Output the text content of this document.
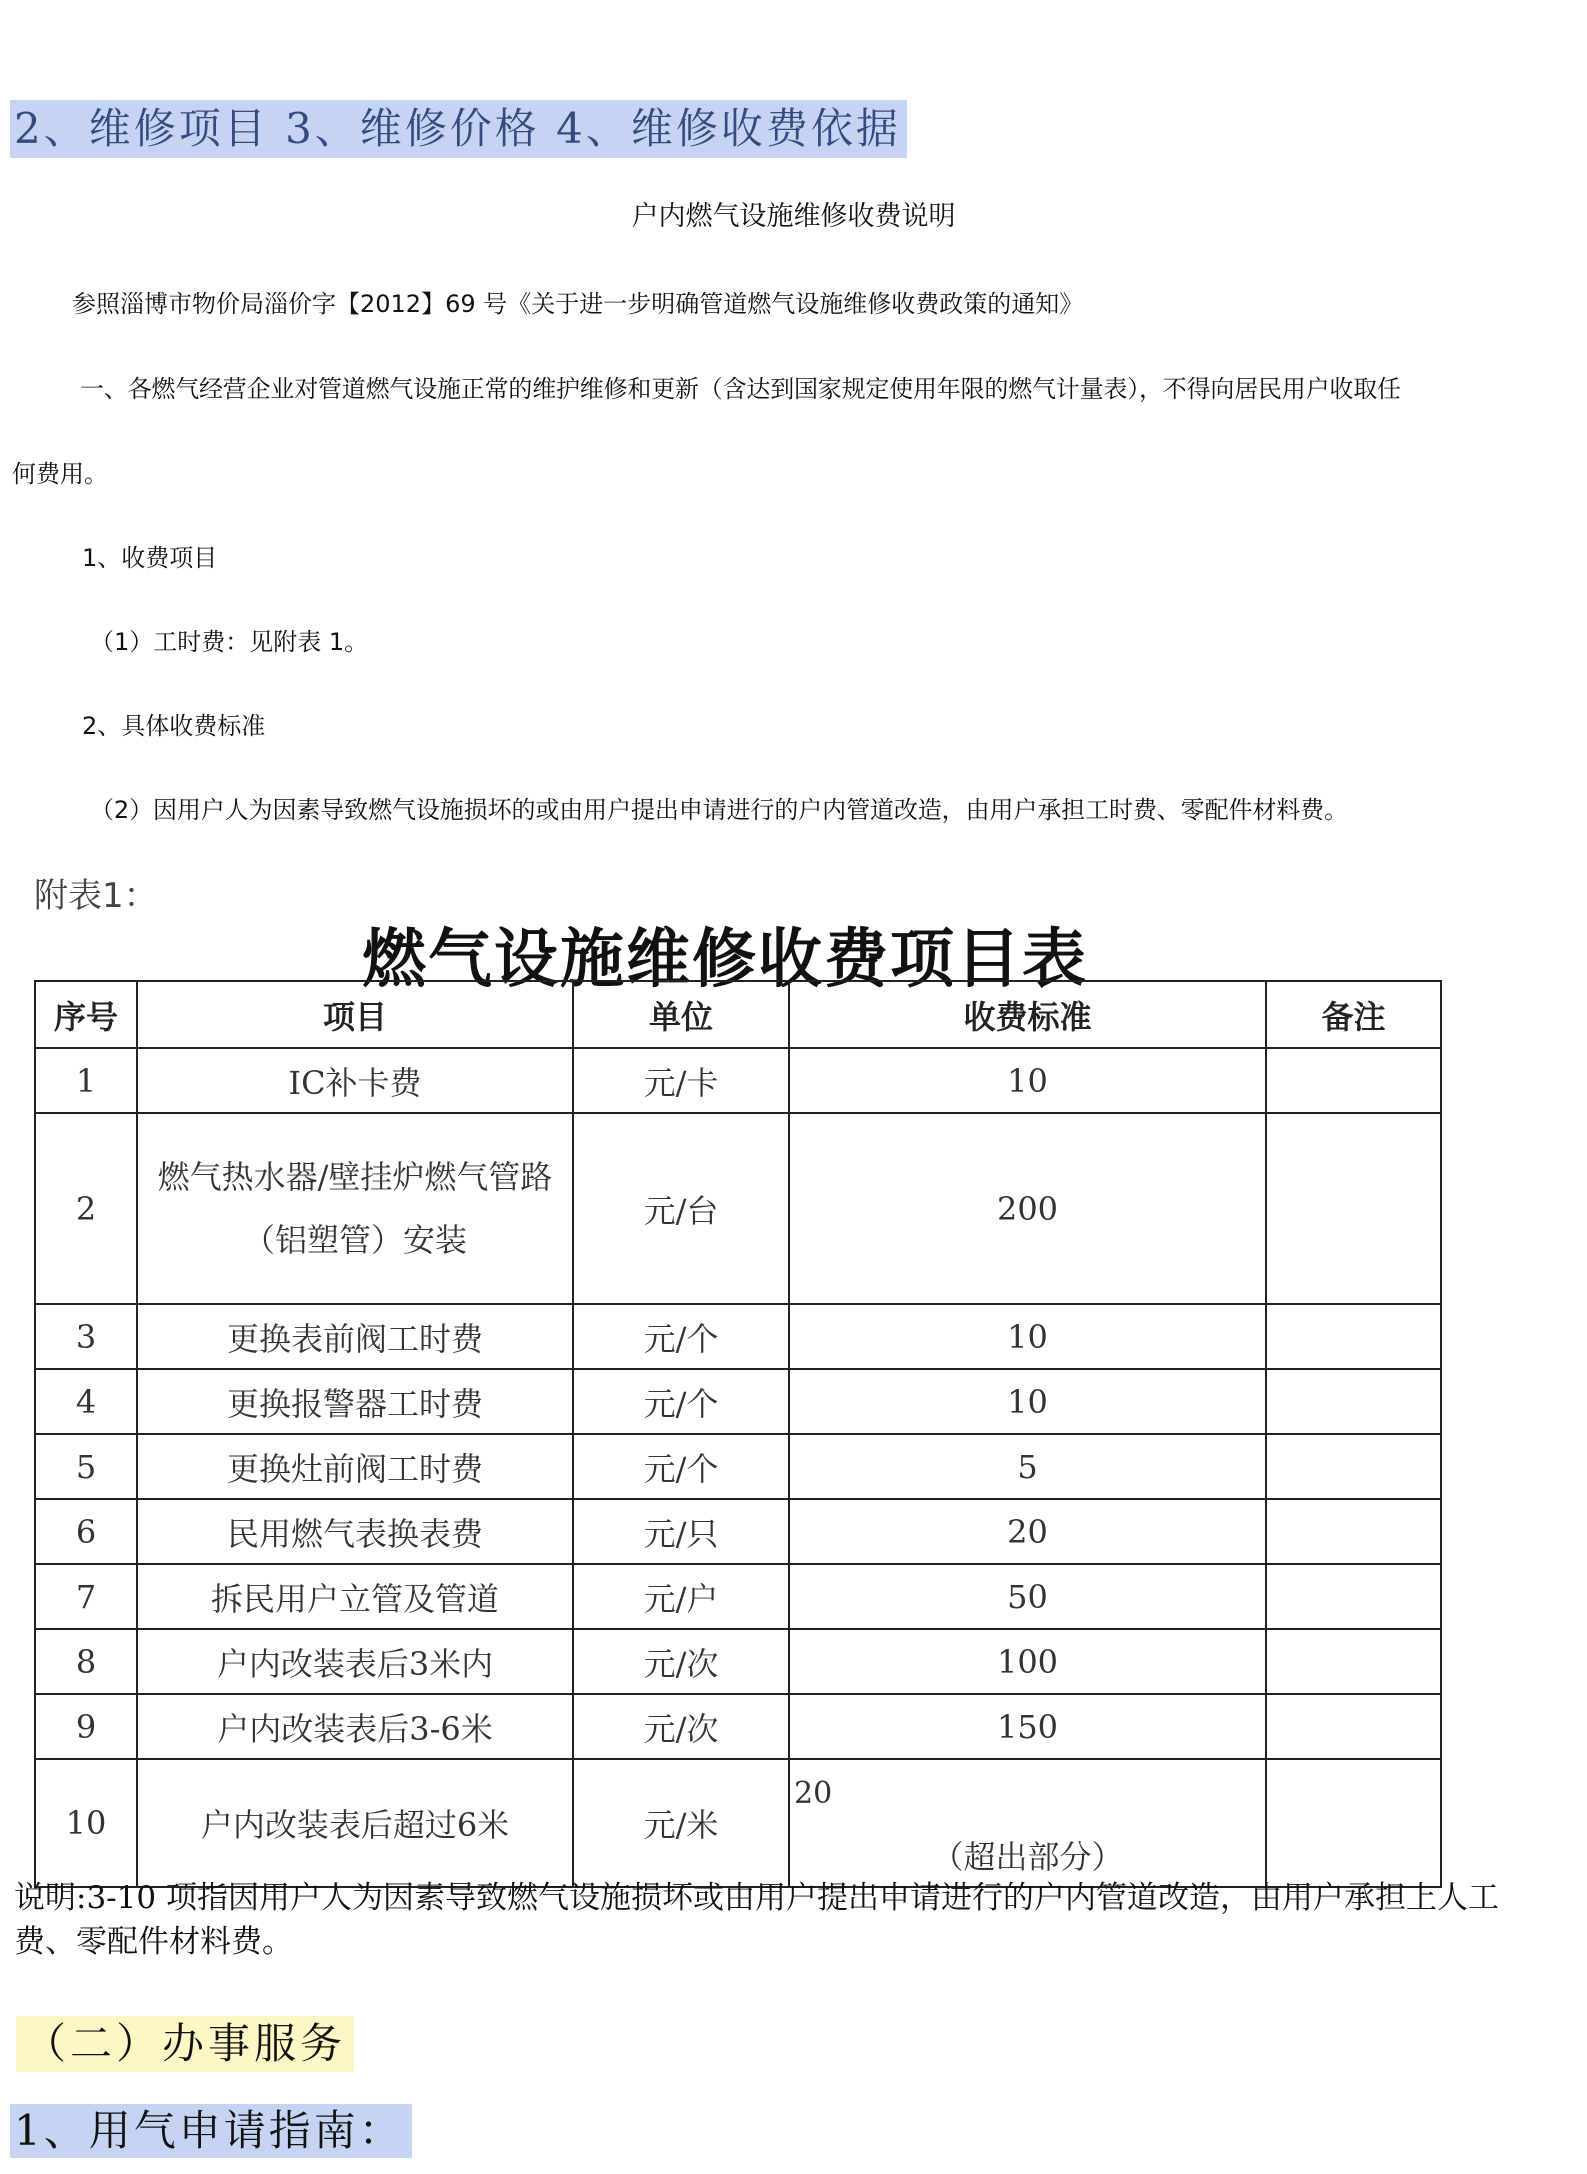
2、维修项目 3、维修价格 4、维修收费依据
户内燃气设施维修收费说明
参照淄博市物价局淄价字【2012】69 号《关于进一步明确管道燃气设施维修收费政策的通知》
一、各燃气经营企业对管道燃气设施正常的维护维修和更新（含达到国家规定使用年限的燃气计量表），不得向居民用户收取任
何费用。
1、收费项目
（1）工时费：见附表 1。
2、具体收费标准
（2）因用户人为因素导致燃气设施损坏的或由用户提出申请进行的户内管道改造，由用户承担工时费、零配件材料费。
附表1：
燃气设施维修收费项目表
序号	项目	单位	收费标准	备注
1	IC补卡费	元/卡	10	
2	燃气热水器/壁挂炉燃气管路（铝塑管）安装	元/台	200	
3	更换表前阀工时费	元/个	10	
4	更换报警器工时费	元/个	10	
5	更换灶前阀工时费	元/个	5	
6	民用燃气表换表费	元/只	20	
7	拆民用户立管及管道	元/户	50	
8	户内改装表后3米内	元/次	100	
9	户内改装表后3-6米	元/次	150	
10	户内改装表后超过6米	元/米	20
（超出部分）	

说明:3-10 项指因用户人为因素导致燃气设施损坏或由用户提出申请进行的户内管道改造，由用户承担上人工费、零配件材料费。
（二）办事服务
1、用气申请指南：
